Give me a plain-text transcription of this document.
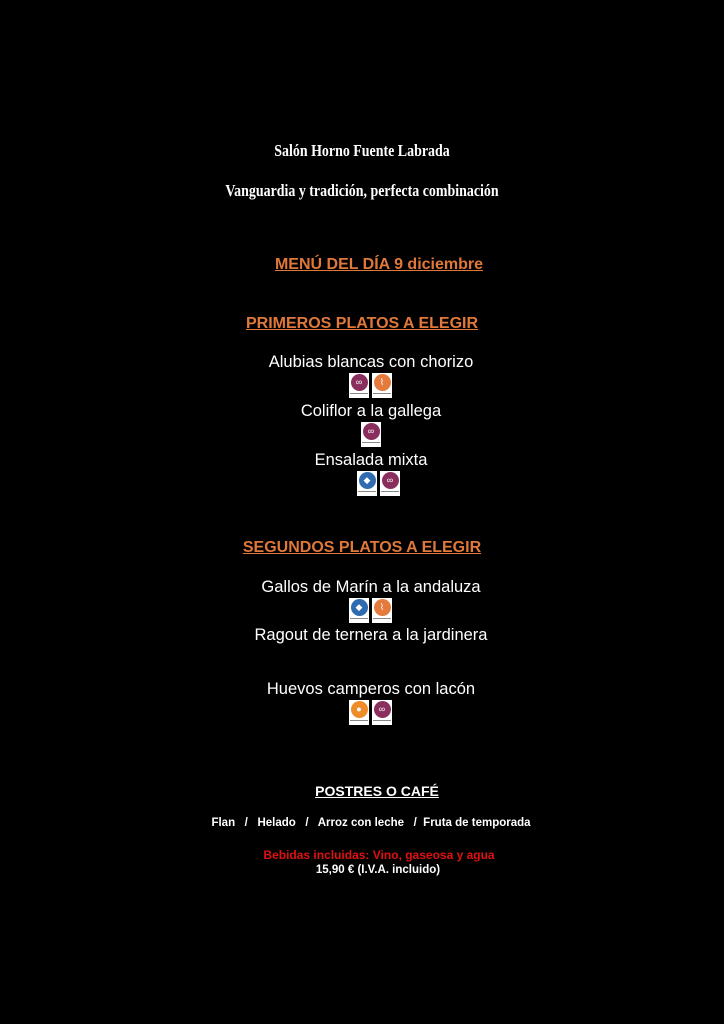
Salón Horno Fuente Labrada
Vanguardia y tradición, perfecta combinación
MENÚ DEL DÍA 9 diciembre
PRIMEROS PLATOS A ELEGIR
Alubias blancas con chorizo
∞	⌇
Coliflor a la gallega
∞
Ensalada mixta
◆	∞
SEGUNDOS PLATOS A ELEGIR
Gallos de Marín a la andaluza
◆	⌇
Ragout de ternera a la jardinera
Huevos camperos con lacón
●	∞
POSTRES O CAFÉ
Flan   /   Helado   /   Arroz con leche   /  Fruta de temporada
Bebidas incluidas: Vino, gaseosa y agua
15,90 € (I.V.A. incluido)
